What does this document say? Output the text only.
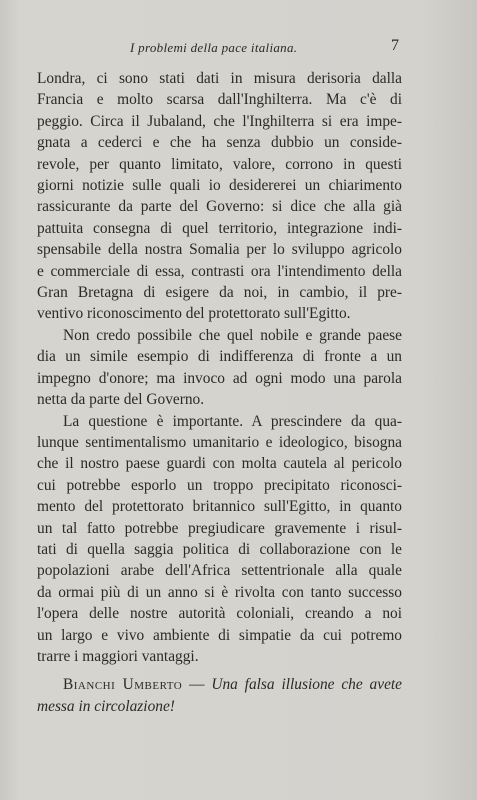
I problemi della pace italiana.	7
Londra, ci sono stati dati in misura derisoria dalla
Francia e molto scarsa dall'Inghilterra. Ma c'è di
peggio. Circa il Jubaland, che l'Inghilterra si era impe-
gnata a cederci e che ha senza dubbio un conside-
revole, per quanto limitato, valore, corrono in questi
giorni notizie sulle quali io desidererei un chiarimento
rassicurante da parte del Governo: si dice che alla già
pattuita consegna di quel territorio, integrazione indi-
spensabile della nostra Somalia per lo sviluppo agricolo
e commerciale di essa, contrasti ora l'intendimento della
Gran Bretagna di esigere da noi, in cambio, il pre-
ventivo riconoscimento del protettorato sull'Egitto.
Non credo possibile che quel nobile e grande paese
dia un simile esempio di indifferenza di fronte a un
impegno d'onore; ma invoco ad ogni modo una parola
netta da parte del Governo.
La questione è importante. A prescindere da qua-
lunque sentimentalismo umanitario e ideologico, bisogna
che il nostro paese guardi con molta cautela al pericolo
cui potrebbe esporlo un troppo precipitato riconosci-
mento del protettorato britannico sull'Egitto, in quanto
un tal fatto potrebbe pregiudicare gravemente i risul-
tati di quella saggia politica di collaborazione con le
popolazioni arabe dell'Africa settentrionale alla quale
da ormai più di un anno si è rivolta con tanto successo
l'opera delle nostre autorità coloniali, creando a noi
un largo e vivo ambiente di simpatie da cui potremo
trarre i maggiori vantaggi.
Bianchi Umberto — Una falsa illusione che avete
messa in circolazione!
